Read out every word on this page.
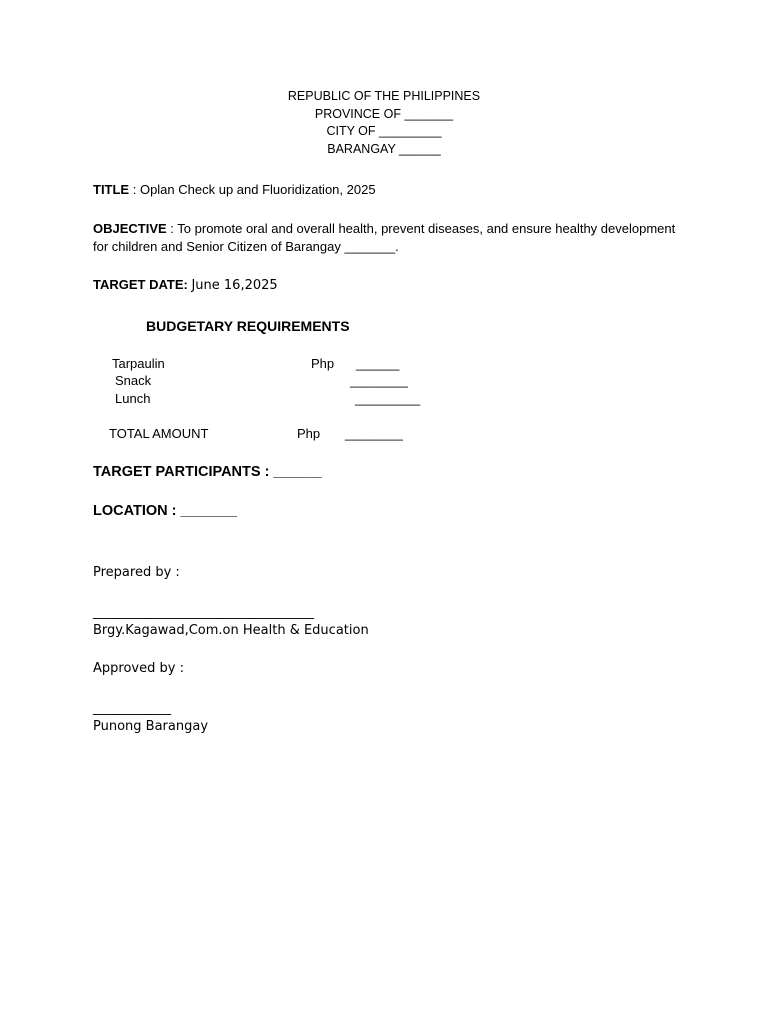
REPUBLIC OF THE PHILIPPINES
PROVINCE OF _______
CITY OF _________
BARANGAY ______
TITLE : Oplan Check up and Fluoridization, 2025
OBJECTIVE : To promote oral and overall health, prevent diseases, and ensure healthy development
for children and Senior Citizen of Barangay _______.
TARGET DATE: June 16,2025
BUDGETARY REQUIREMENTS
Tarpaulin	Php ______
Snack	________
Lunch	_________
TOTAL AMOUNT	Php ________
TARGET PARTICIPANTS : ______
LOCATION : _______
Prepared by :
__________________________________
Brgy.Kagawad,Com.on Health & Education
Approved by :
____________
Punong Barangay
